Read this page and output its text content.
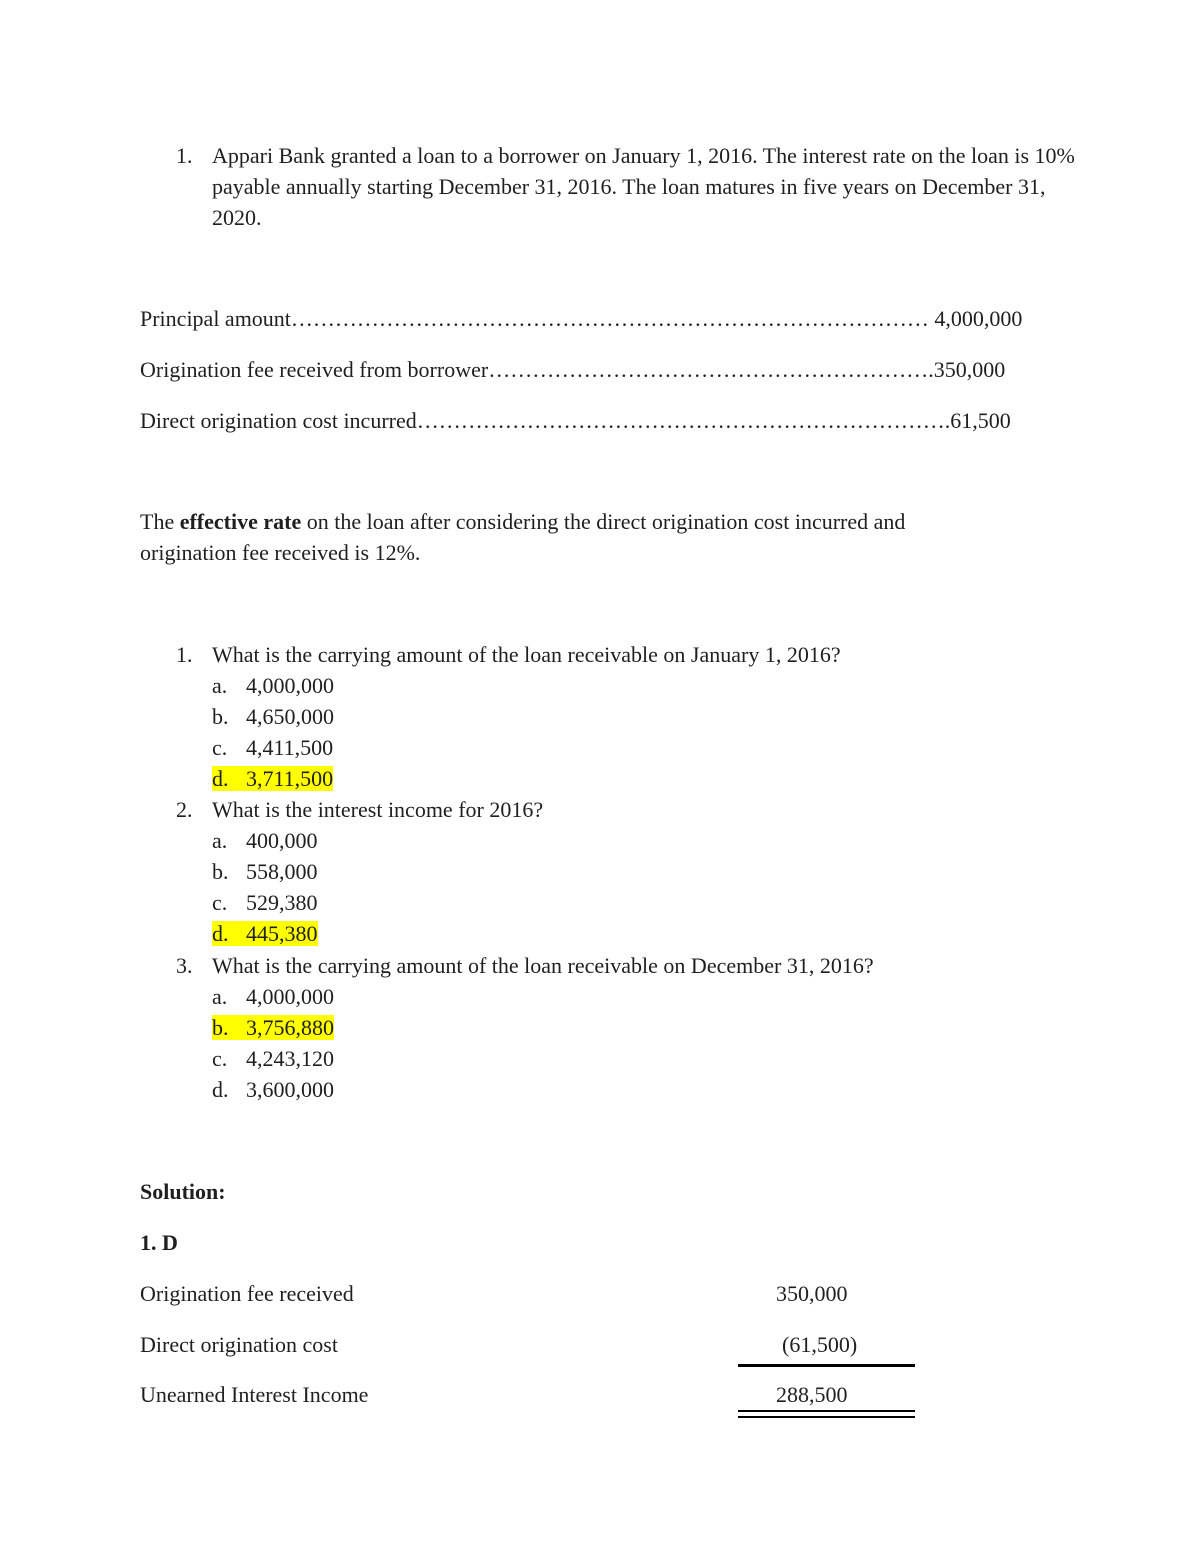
1. Appari Bank granted a loan to a borrower on January 1, 2016. The interest rate on the loan is 10% payable annually starting December 31, 2016. The loan matures in five years on December 31, 2020.
Principal amount…………………………………………………………………………… 4,000,000
Origination fee received from borrower…………………………………………………….350,000
Direct origination cost incurred……………………………………………………………….61,500
The effective rate on the loan after considering the direct origination cost incurred and
origination fee received is 12%.
1. What is the carrying amount of the loan receivable on January 1, 2016?
a. 4,000,000
b. 4,650,000
c. 4,411,500
d. 3,711,500
2. What is the interest income for 2016?
a. 400,000
b. 558,000
c. 529,380
d. 445,380
3. What is the carrying amount of the loan receivable on December 31, 2016?
a. 4,000,000
b. 3,756,880
c. 4,243,120
d. 3,600,000
Solution:
1. D
Origination fee received	350,000
Direct origination cost	(61,500)
Unearned Interest Income	288,500
